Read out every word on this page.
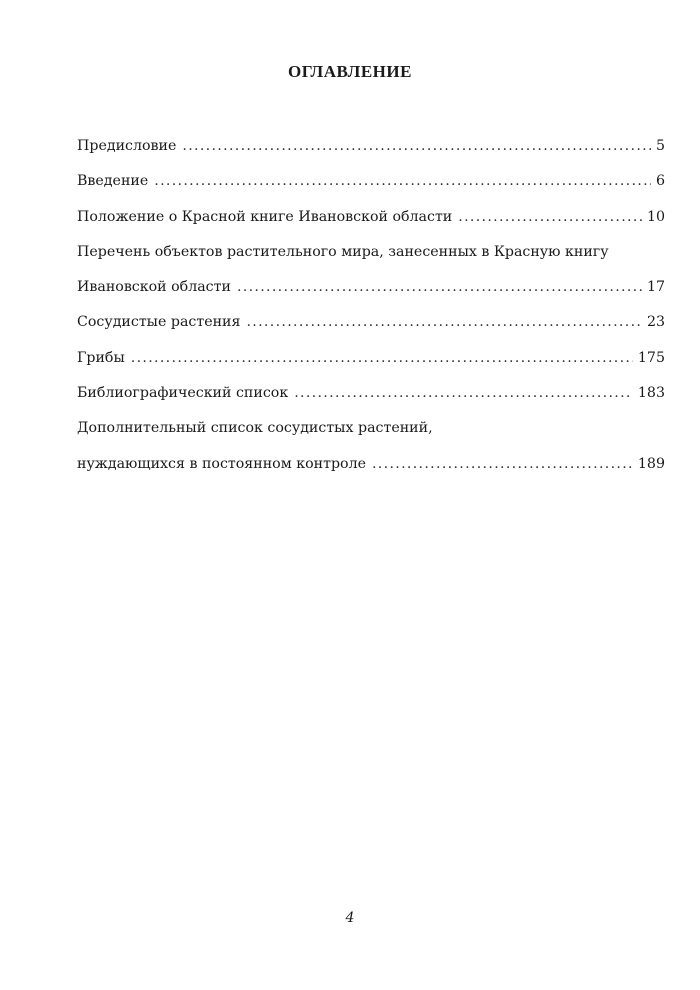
ОГЛАВЛЕНИЕ
Предисловие . . .	5
Введение . . .	6
Положение о Красной книге Ивановской области . . .	10
Перечень объектов растительного мира, занесенных в Красную книгу
Ивановской области . . .	17
Сосудистые растения . . .	23
Грибы . . .	175
Библиографический список . . .	183
Дополнительный список сосудистых растений,
нуждающихся в постоянном контроле . . .	189
4
